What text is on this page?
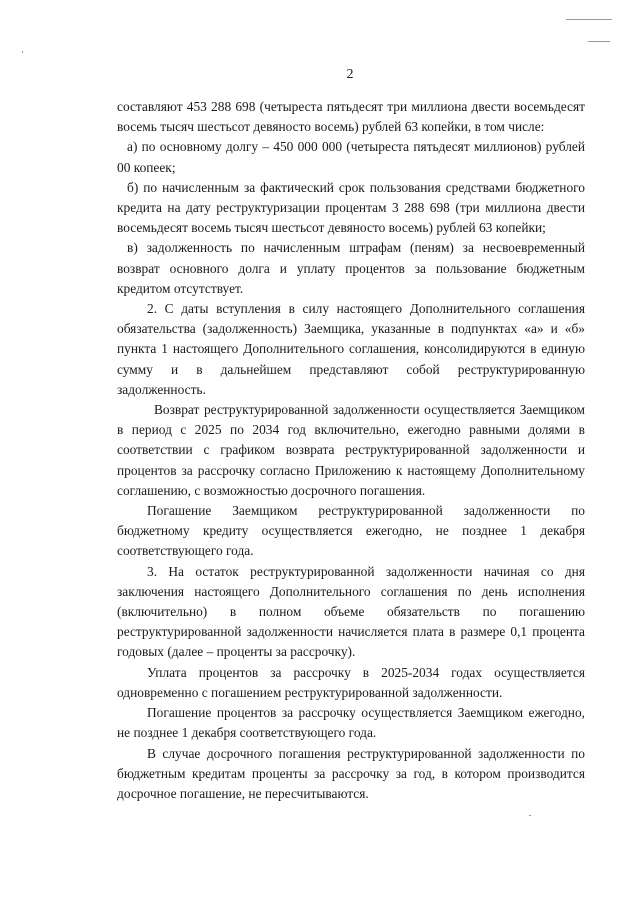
2

составляют 453 288 698 (четыреста пятьдесят три миллиона двести восемьдесят восемь тысяч шестьсот девяносто восемь) рублей 63 копейки, в том числе:

а) по основному долгу – 450 000 000 (четыреста пятьдесят миллионов) рублей 00 копеек;

б) по начисленным за фактический срок пользования средствами бюджетного кредита на дату реструктуризации процентам 3 288 698 (три миллиона двести восемьдесят восемь тысяч шестьсот девяносто восемь) рублей 63 копейки;

в) задолженность по начисленным штрафам (пеням) за несвоевременный возврат основного долга и уплату процентов за пользование бюджетным кредитом отсутствует.

2. С даты вступления в силу настоящего Дополнительного соглашения обязательства (задолженность) Заемщика, указанные в подпунктах «а» и «б» пункта 1 настоящего Дополнительного соглашения, консолидируются в единую сумму и в дальнейшем представляют собой реструктурированную задолженность.

Возврат реструктурированной задолженности осуществляется Заемщиком в период с 2025 по 2034 год включительно, ежегодно равными долями в соответствии с графиком возврата реструктурированной задолженности и процентов за рассрочку согласно Приложению к настоящему Дополнительному соглашению, с возможностью досрочного погашения.

Погашение Заемщиком реструктурированной задолженности по бюджетному кредиту осуществляется ежегодно, не позднее 1 декабря соответствующего года.

3. На остаток реструктурированной задолженности начиная со дня заключения настоящего Дополнительного соглашения по день исполнения (включительно) в полном объеме обязательств по погашению реструктурированной задолженности начисляется плата в размере 0,1 процента годовых (далее – проценты за рассрочку).

Уплата процентов за рассрочку в 2025-2034 годах осуществляется одновременно с погашением реструктурированной задолженности.

Погашение процентов за рассрочку осуществляется Заемщиком ежегодно, не позднее 1 декабря соответствующего года.

В случае досрочного погашения реструктурированной задолженности по бюджетным кредитам проценты за рассрочку за год, в котором производится досрочное погашение, не пересчитываются.
